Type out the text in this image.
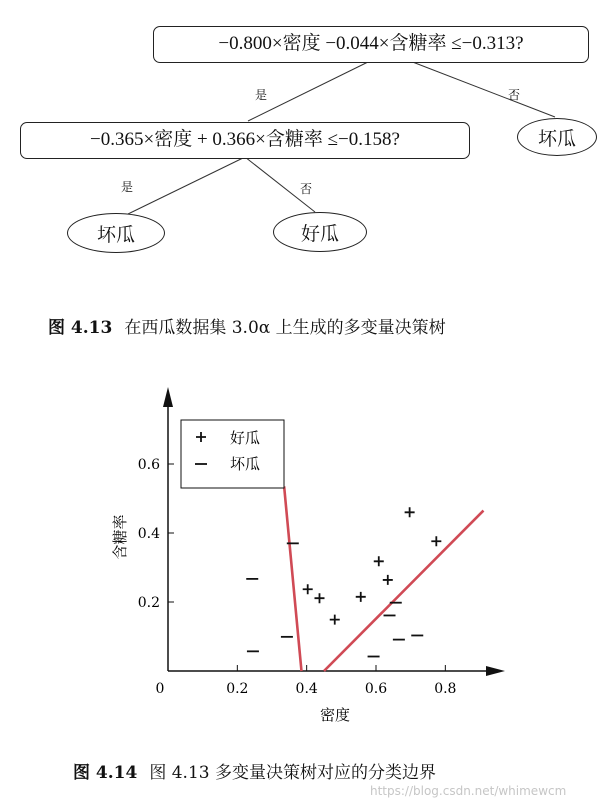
−0.800×密度 −0.044×含糖率 ≤−0.313?
是	否
坏瓜
−0.365×密度 + 0.366×含糖率 ≤−0.158?
是	否
坏瓜	好瓜
图 4.13 在西瓜数据集 3.0α 上生成的多变量决策树
0.2	0.4	0.6	0.8
0.2
0.4
0.6
0
密度
含糖率
好瓜
坏瓜
图 4.14 图 4.13 多变量决策树对应的分类边界
https://blog.csdn.net/whimewcm
